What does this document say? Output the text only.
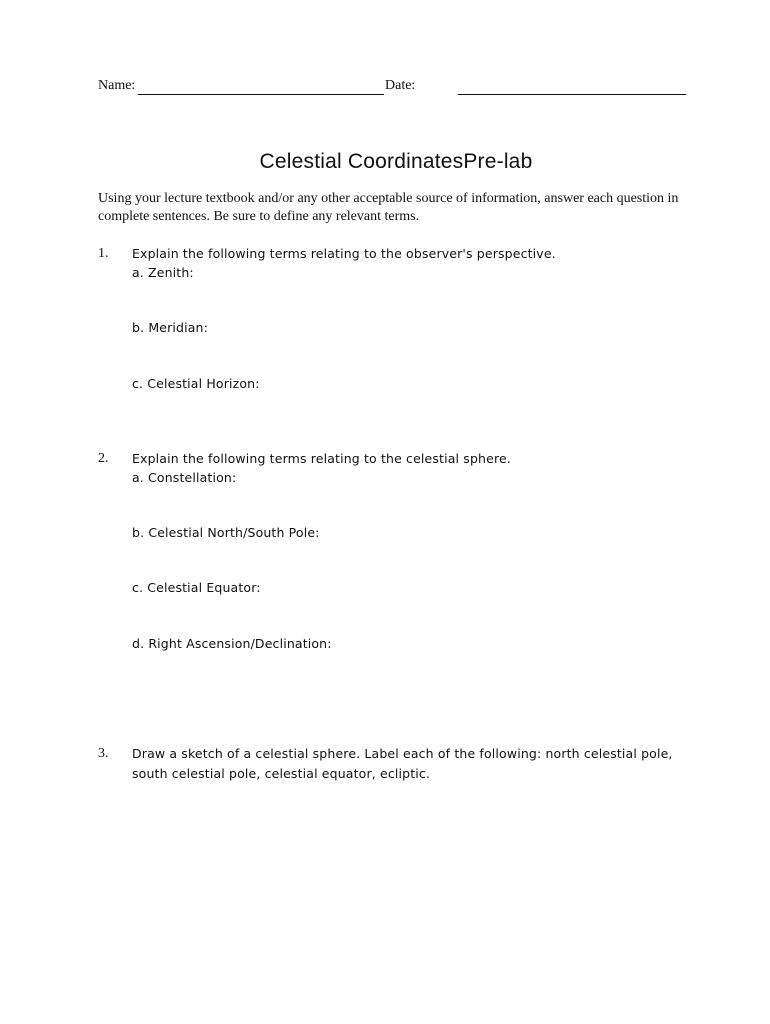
Name:	Date:
Celestial CoordinatesPre-lab
Using your lecture textbook and/or any other acceptable source of information, answer each question in complete sentences. Be sure to define any relevant terms.
1. Explain the following terms relating to the observer's perspective.
a. Zenith:
b. Meridian:
c. Celestial Horizon:
2. Explain the following terms relating to the celestial sphere.
a. Constellation:
b. Celestial North/South Pole:
c. Celestial Equator:
d. Right Ascension/Declination:
3. Draw a sketch of a celestial sphere. Label each of the following: north celestial pole, south celestial pole, celestial equator, ecliptic.
